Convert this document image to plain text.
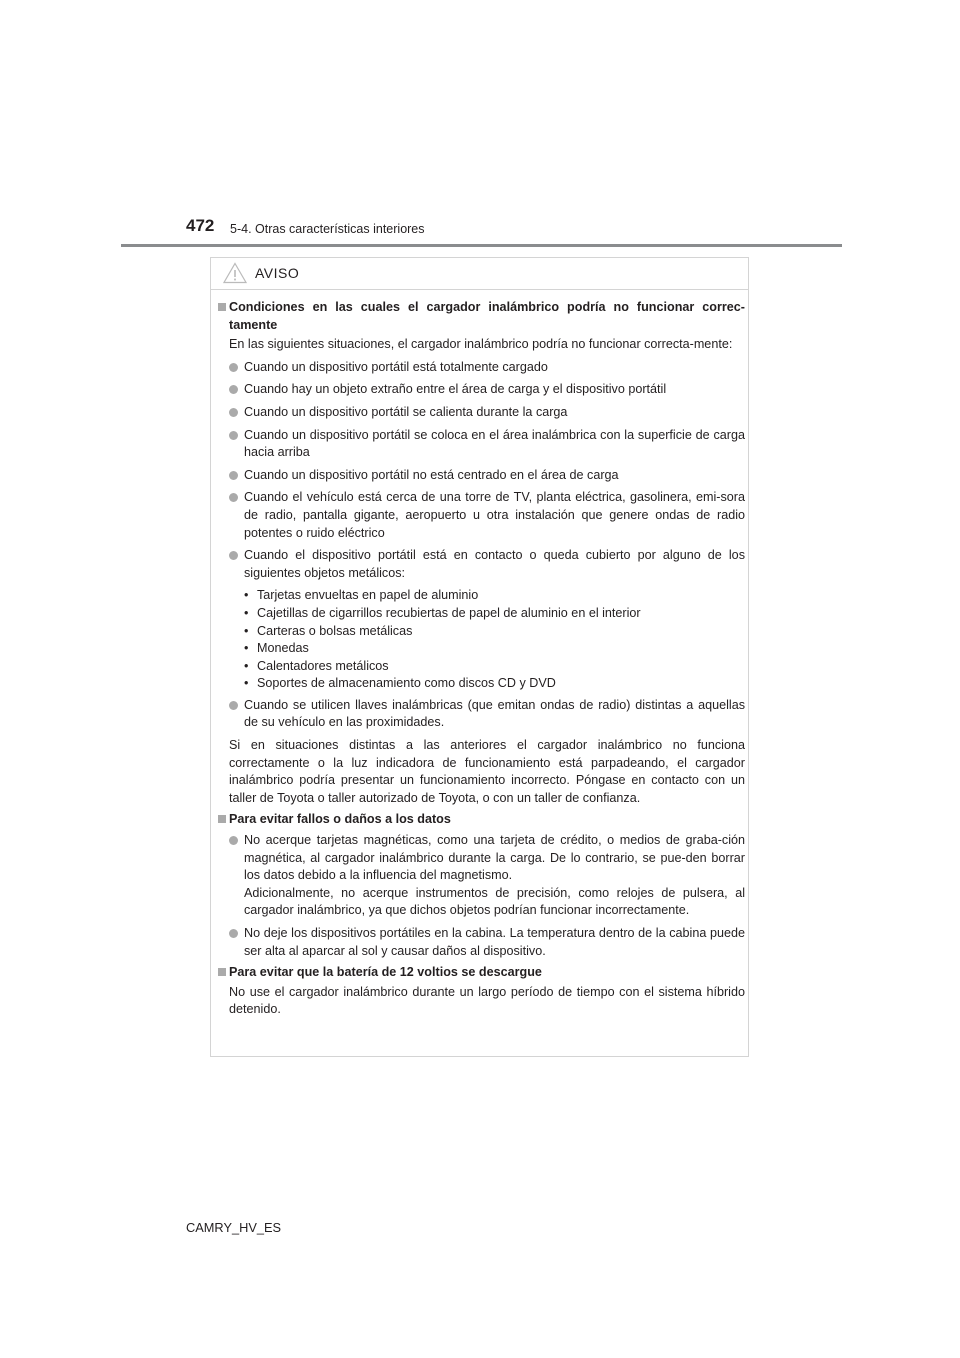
472 5-4. Otras características interiores
AVISO
Condiciones en las cuales el cargador inalámbrico podría no funcionar correc-tamente
En las siguientes situaciones, el cargador inalámbrico podría no funcionar correcta-mente:
Cuando un dispositivo portátil está totalmente cargado
Cuando hay un objeto extraño entre el área de carga y el dispositivo portátil
Cuando un dispositivo portátil se calienta durante la carga
Cuando un dispositivo portátil se coloca en el área inalámbrica con la superficie de carga hacia arriba
Cuando un dispositivo portátil no está centrado en el área de carga
Cuando el vehículo está cerca de una torre de TV, planta eléctrica, gasolinera, emi-sora de radio, pantalla gigante, aeropuerto u otra instalación que genere ondas de radio potentes o ruido eléctrico
Cuando el dispositivo portátil está en contacto o queda cubierto por alguno de los siguientes objetos metálicos:
• Tarjetas envueltas en papel de aluminio
• Cajetillas de cigarrillos recubiertas de papel de aluminio en el interior
• Carteras o bolsas metálicas
• Monedas
• Calentadores metálicos
• Soportes de almacenamiento como discos CD y DVD
Cuando se utilicen llaves inalámbricas (que emitan ondas de radio) distintas a aquellas de su vehículo en las proximidades.
Si en situaciones distintas a las anteriores el cargador inalámbrico no funciona correctamente o la luz indicadora de funcionamiento está parpadeando, el cargador inalámbrico podría presentar un funcionamiento incorrecto. Póngase en contacto con un taller de Toyota o taller autorizado de Toyota, o con un taller de confianza.
Para evitar fallos o daños a los datos
No acerque tarjetas magnéticas, como una tarjeta de crédito, o medios de graba-ción magnética, al cargador inalámbrico durante la carga. De lo contrario, se pue-den borrar los datos debido a la influencia del magnetismo.
Adicionalmente, no acerque instrumentos de precisión, como relojes de pulsera, al cargador inalámbrico, ya que dichos objetos podrían funcionar incorrectamente.
No deje los dispositivos portátiles en la cabina. La temperatura dentro de la cabina puede ser alta al aparcar al sol y causar daños al dispositivo.
Para evitar que la batería de 12 voltios se descargue
No use el cargador inalámbrico durante un largo período de tiempo con el sistema híbrido detenido.
CAMRY_HV_ES
